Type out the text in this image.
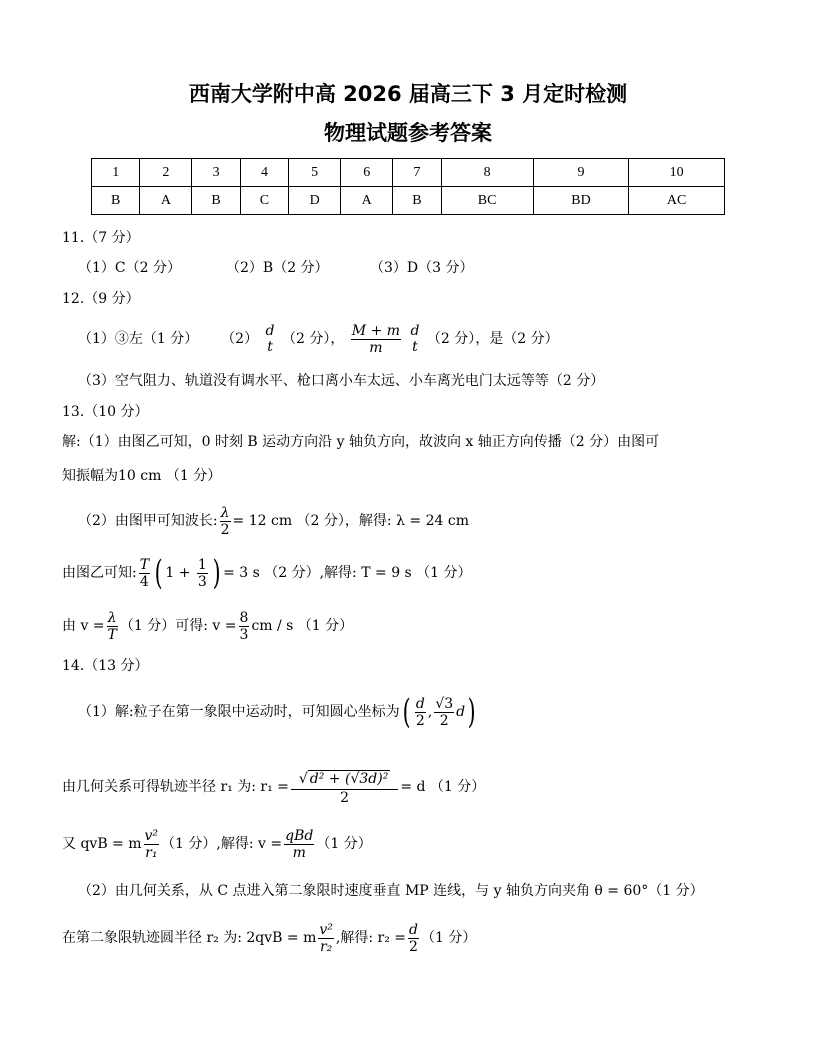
西南大学附中高 2026 届高三下 3 月定时检测
物理试题参考答案
1	2	3	4	5	6	7	8	9	10
B	A	B	C	D	A	B	BC	BD	AC
11.（7 分）
（1）C（2 分）	（2）B（2 分）	（3）D（3 分）
12.（9 分）
（1）③左（1 分） （2） d
t （2 分）， $\frac{M + m}{m}$
d
t （2 分），是（2 分）
（3）空气阻力、轨道没有调水平、枪口离小车太远、小车离光电门太远等等（2 分）
13.（10 分）
解:（1）由图乙可知，0 时刻 B 运动方向沿 y 轴负方向，故波向 x 轴正方向传播（2 分）由图可
知振幅为10 cm （1 分）
（2）由图甲可知波长: $\frac{\lambda}{2} = 12$ cm （2 分），解得: λ = 24 cm
由图乙可知: $\frac{T}{4}$ ( $1 + \frac{1}{3}$ ) = 3 s （2 分）,解得: T = 9 s （1 分）
由 $v = \frac{\lambda}{T} (1$ 分）可得: $v = \frac{8}{3}$ cm / s （1 分）
14.（13 分）
（1）解:粒子在第一象限中运动时，可知圆心坐标为( $\frac{d}{2}$ , $\frac{√3}{2} d$)
由几何关系可得轨迹半径 r₁ 为: $r_1 = \frac{\text{√ d² + (√3d)²}}{2} = d$ （1 分）
又 qvB = m $\frac{\text{v²}}{\text{r₁}} (1$ 分）,解得: $v = \frac{\text{qBd}}{m} (1$ 分）
（2）由几何关系，从 C 点进入第二象限时速度垂直 MP 连线，与 y 轴负方向夹角 θ = 60°（1 分）
在第二象限轨迹圆半径 r₂ 为: 2qvB = m $\frac{\text{v²}}{\text{r₂}}$ ,解得: $r_2 = \frac{d}{2} (1$ 分）
